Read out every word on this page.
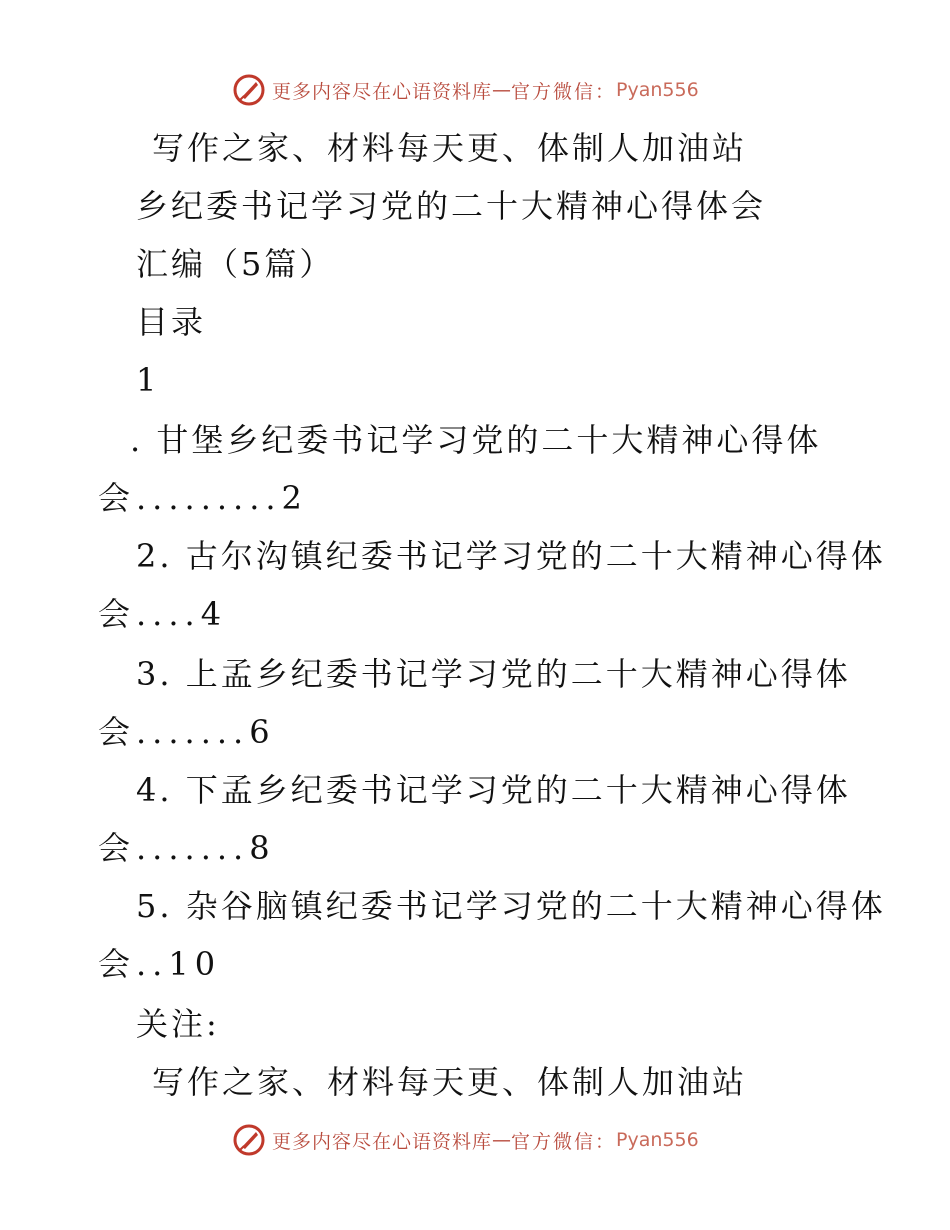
更多内容尽在心语资料库 — 官方微信： Pyan556
写作之家、材料每天更、体制人加油站
乡纪委书记学习党的二十大精神心得体会
汇编（5篇）
目录
1
. 甘堡乡纪委书记学习党的二十大精神心得体
会.........2
2. 古尔沟镇纪委书记学习党的二十大精神心得体
会....4
3. 上孟乡纪委书记学习党的二十大精神心得体
会.......6
4. 下孟乡纪委书记学习党的二十大精神心得体
会.......8
5. 杂谷脑镇纪委书记学习党的二十大精神心得体
会..10
关注:
写作之家、材料每天更、体制人加油站
更多内容尽在心语资料库 — 官方微信： Pyan556
